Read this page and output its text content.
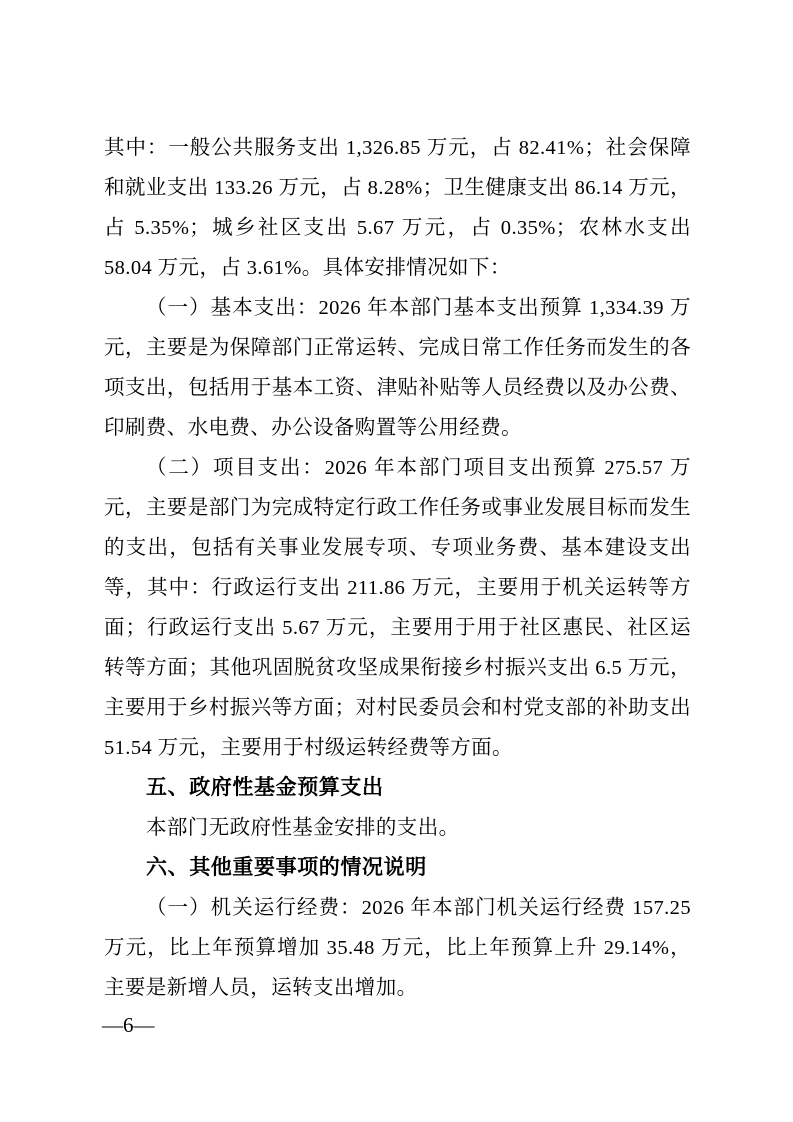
其中：一般公共服务支出 1,326.85 万元，占 82.41%；社会保障和就业支出 133.26 万元，占 8.28%；卫生健康支出 86.14 万元，占 5.35%；城乡社区支出 5.67 万元，占 0.35%；农林水支出 58.04 万元，占 3.61%。具体安排情况如下：

（一）基本支出：2026 年本部门基本支出预算 1,334.39 万元，主要是为保障部门正常运转、完成日常工作任务而发生的各项支出，包括用于基本工资、津贴补贴等人员经费以及办公费、印刷费、水电费、办公设备购置等公用经费。

（二）项目支出：2026 年本部门项目支出预算 275.57 万元，主要是部门为完成特定行政工作任务或事业发展目标而发生的支出，包括有关事业发展专项、专项业务费、基本建设支出等，其中：行政运行支出 211.86 万元，主要用于机关运转等方面；行政运行支出 5.67 万元，主要用于用于社区惠民、社区运转等方面；其他巩固脱贫攻坚成果衔接乡村振兴支出 6.5 万元，主要用于乡村振兴等方面；对村民委员会和村党支部的补助支出 51.54 万元，主要用于村级运转经费等方面。

五、政府性基金预算支出

本部门无政府性基金安排的支出。

六、其他重要事项的情况说明

（一）机关运行经费：2026 年本部门机关运行经费 157.25 万元，比上年预算增加 35.48 万元，比上年预算上升 29.14%，主要是新增人员，运转支出增加。

—6—
